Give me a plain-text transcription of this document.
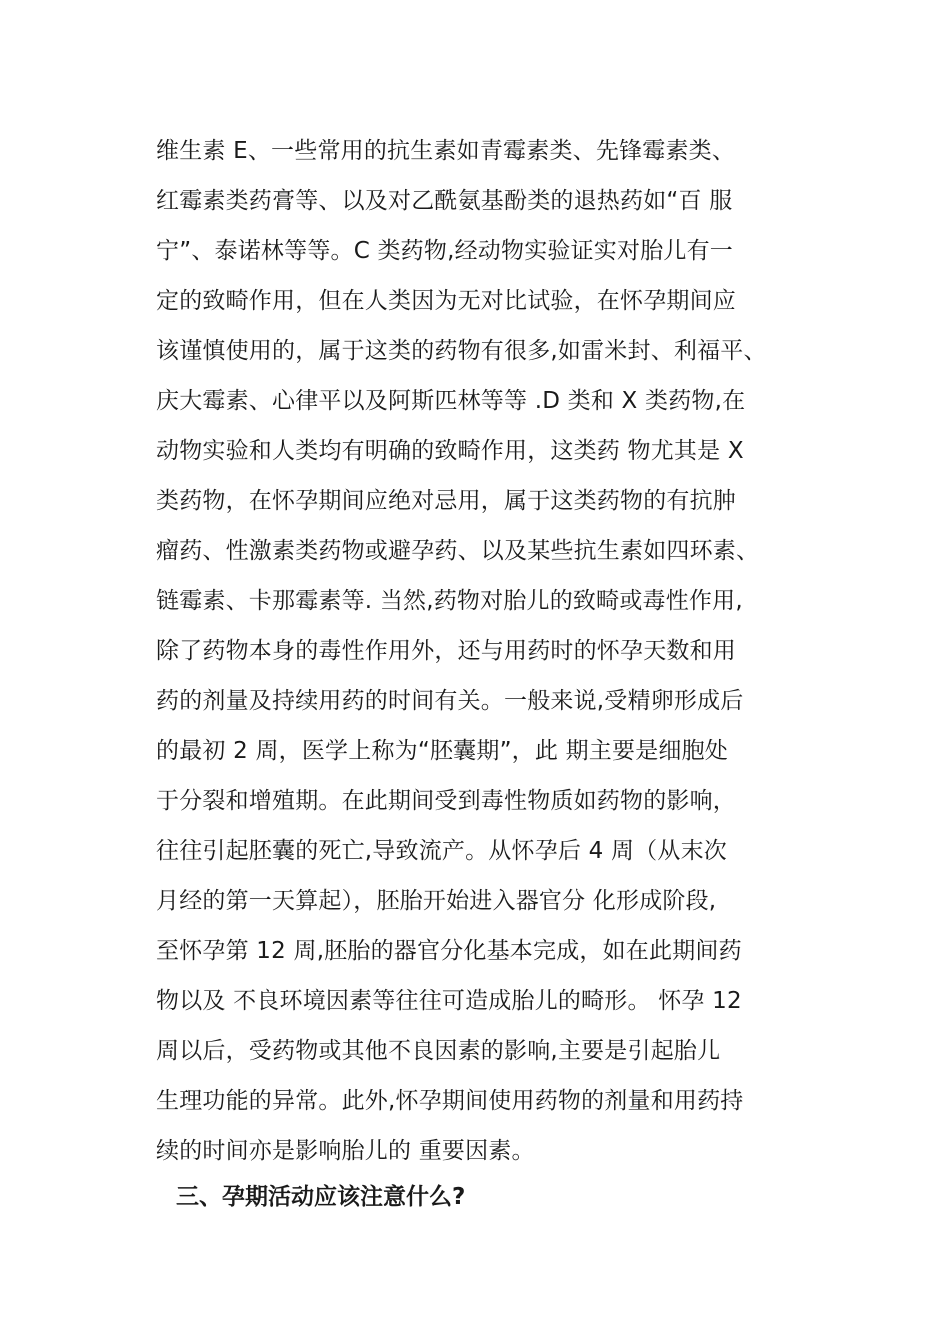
维生素 E、一些常用的抗生素如青霉素类、先锋霉素类、
红霉素类药膏等、以及对乙酰氨基酚类的退热药如“百 服
宁”、泰诺林等等。C 类药物,经动物实验证实对胎儿有一
定的致畸作用，但在人类因为无对比试验，在怀孕期间应
该谨慎使用的，属于这类的药物有很多,如雷米封、利福平、
庆大霉素、心律平以及阿斯匹林等等 .D 类和 X 类药物,在
动物实验和人类均有明确的致畸作用，这类药 物尤其是 X
类药物，在怀孕期间应绝对忌用，属于这类药物的有抗肿
瘤药、性激素类药物或避孕药、以及某些抗生素如四环素、
链霉素、卡那霉素等. 当然,药物对胎儿的致畸或毒性作用,
除了药物本身的毒性作用外，还与用药时的怀孕天数和用
药的剂量及持续用药的时间有关。一般来说,受精卵形成后
的最初 2 周，医学上称为“胚囊期”，此 期主要是细胞处
于分裂和增殖期。在此期间受到毒性物质如药物的影响，
往往引起胚囊的死亡,导致流产。从怀孕后 4 周（从末次
月经的第一天算起），胚胎开始进入器官分 化形成阶段,
至怀孕第 12 周,胚胎的器官分化基本完成，如在此期间药
物以及 不良环境因素等往往可造成胎儿的畸形。 怀孕 12
周以后，受药物或其他不良因素的影响,主要是引起胎儿
生理功能的异常。此外,怀孕期间使用药物的剂量和用药持
续的时间亦是影响胎儿的 重要因素。
三、孕期活动应该注意什么?
